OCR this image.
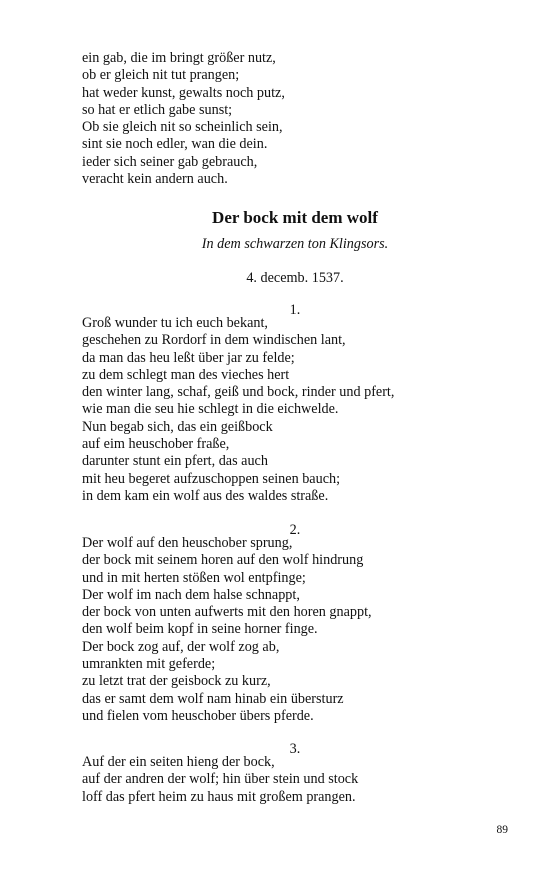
ein gab, die im bringt größer nutz,
ob er gleich nit tut prangen;
hat weder kunst, gewalts noch putz,
so hat er etlich gabe sunst;
Ob sie gleich nit so scheinlich sein,
sint sie noch edler, wan die dein.
ieder sich seiner gab gebrauch,
veracht kein andern auch.
Der bock mit dem wolf
In dem schwarzen ton Klingsors.
4. decemb. 1537.
1.
Groß wunder tu ich euch bekant,
geschehen zu Rordorf in dem windischen lant,
da man das heu leßt über jar zu felde;
zu dem schlegt man des vieches hert
den winter lang, schaf, geiß und bock, rinder und pfert,
wie man die seu hie schlegt in die eichwelde.
Nun begab sich, das ein geißbock
auf eim heuschober fraße,
darunter stunt ein pfert, das auch
mit heu begeret aufzuschoppen seinen bauch;
in dem kam ein wolf aus des waldes straße.
2.
Der wolf auf den heuschober sprung,
der bock mit seinem horen auf den wolf hindrung
und in mit herten stößen wol entpfinge;
Der wolf im nach dem halse schnappt,
der bock von unten aufwerts mit den horen gnappt,
den wolf beim kopf in seine horner finge.
Der bock zog auf, der wolf zog ab,
umrankten mit geferde;
zu letzt trat der geisbock zu kurz,
das er samt dem wolf nam hinab ein übersturz
und fielen vom heuschober übers pferde.
3.
Auf der ein seiten hieng der bock,
auf der andren der wolf; hin über stein und stock
loff das pfert heim zu haus mit großem prangen.
89
